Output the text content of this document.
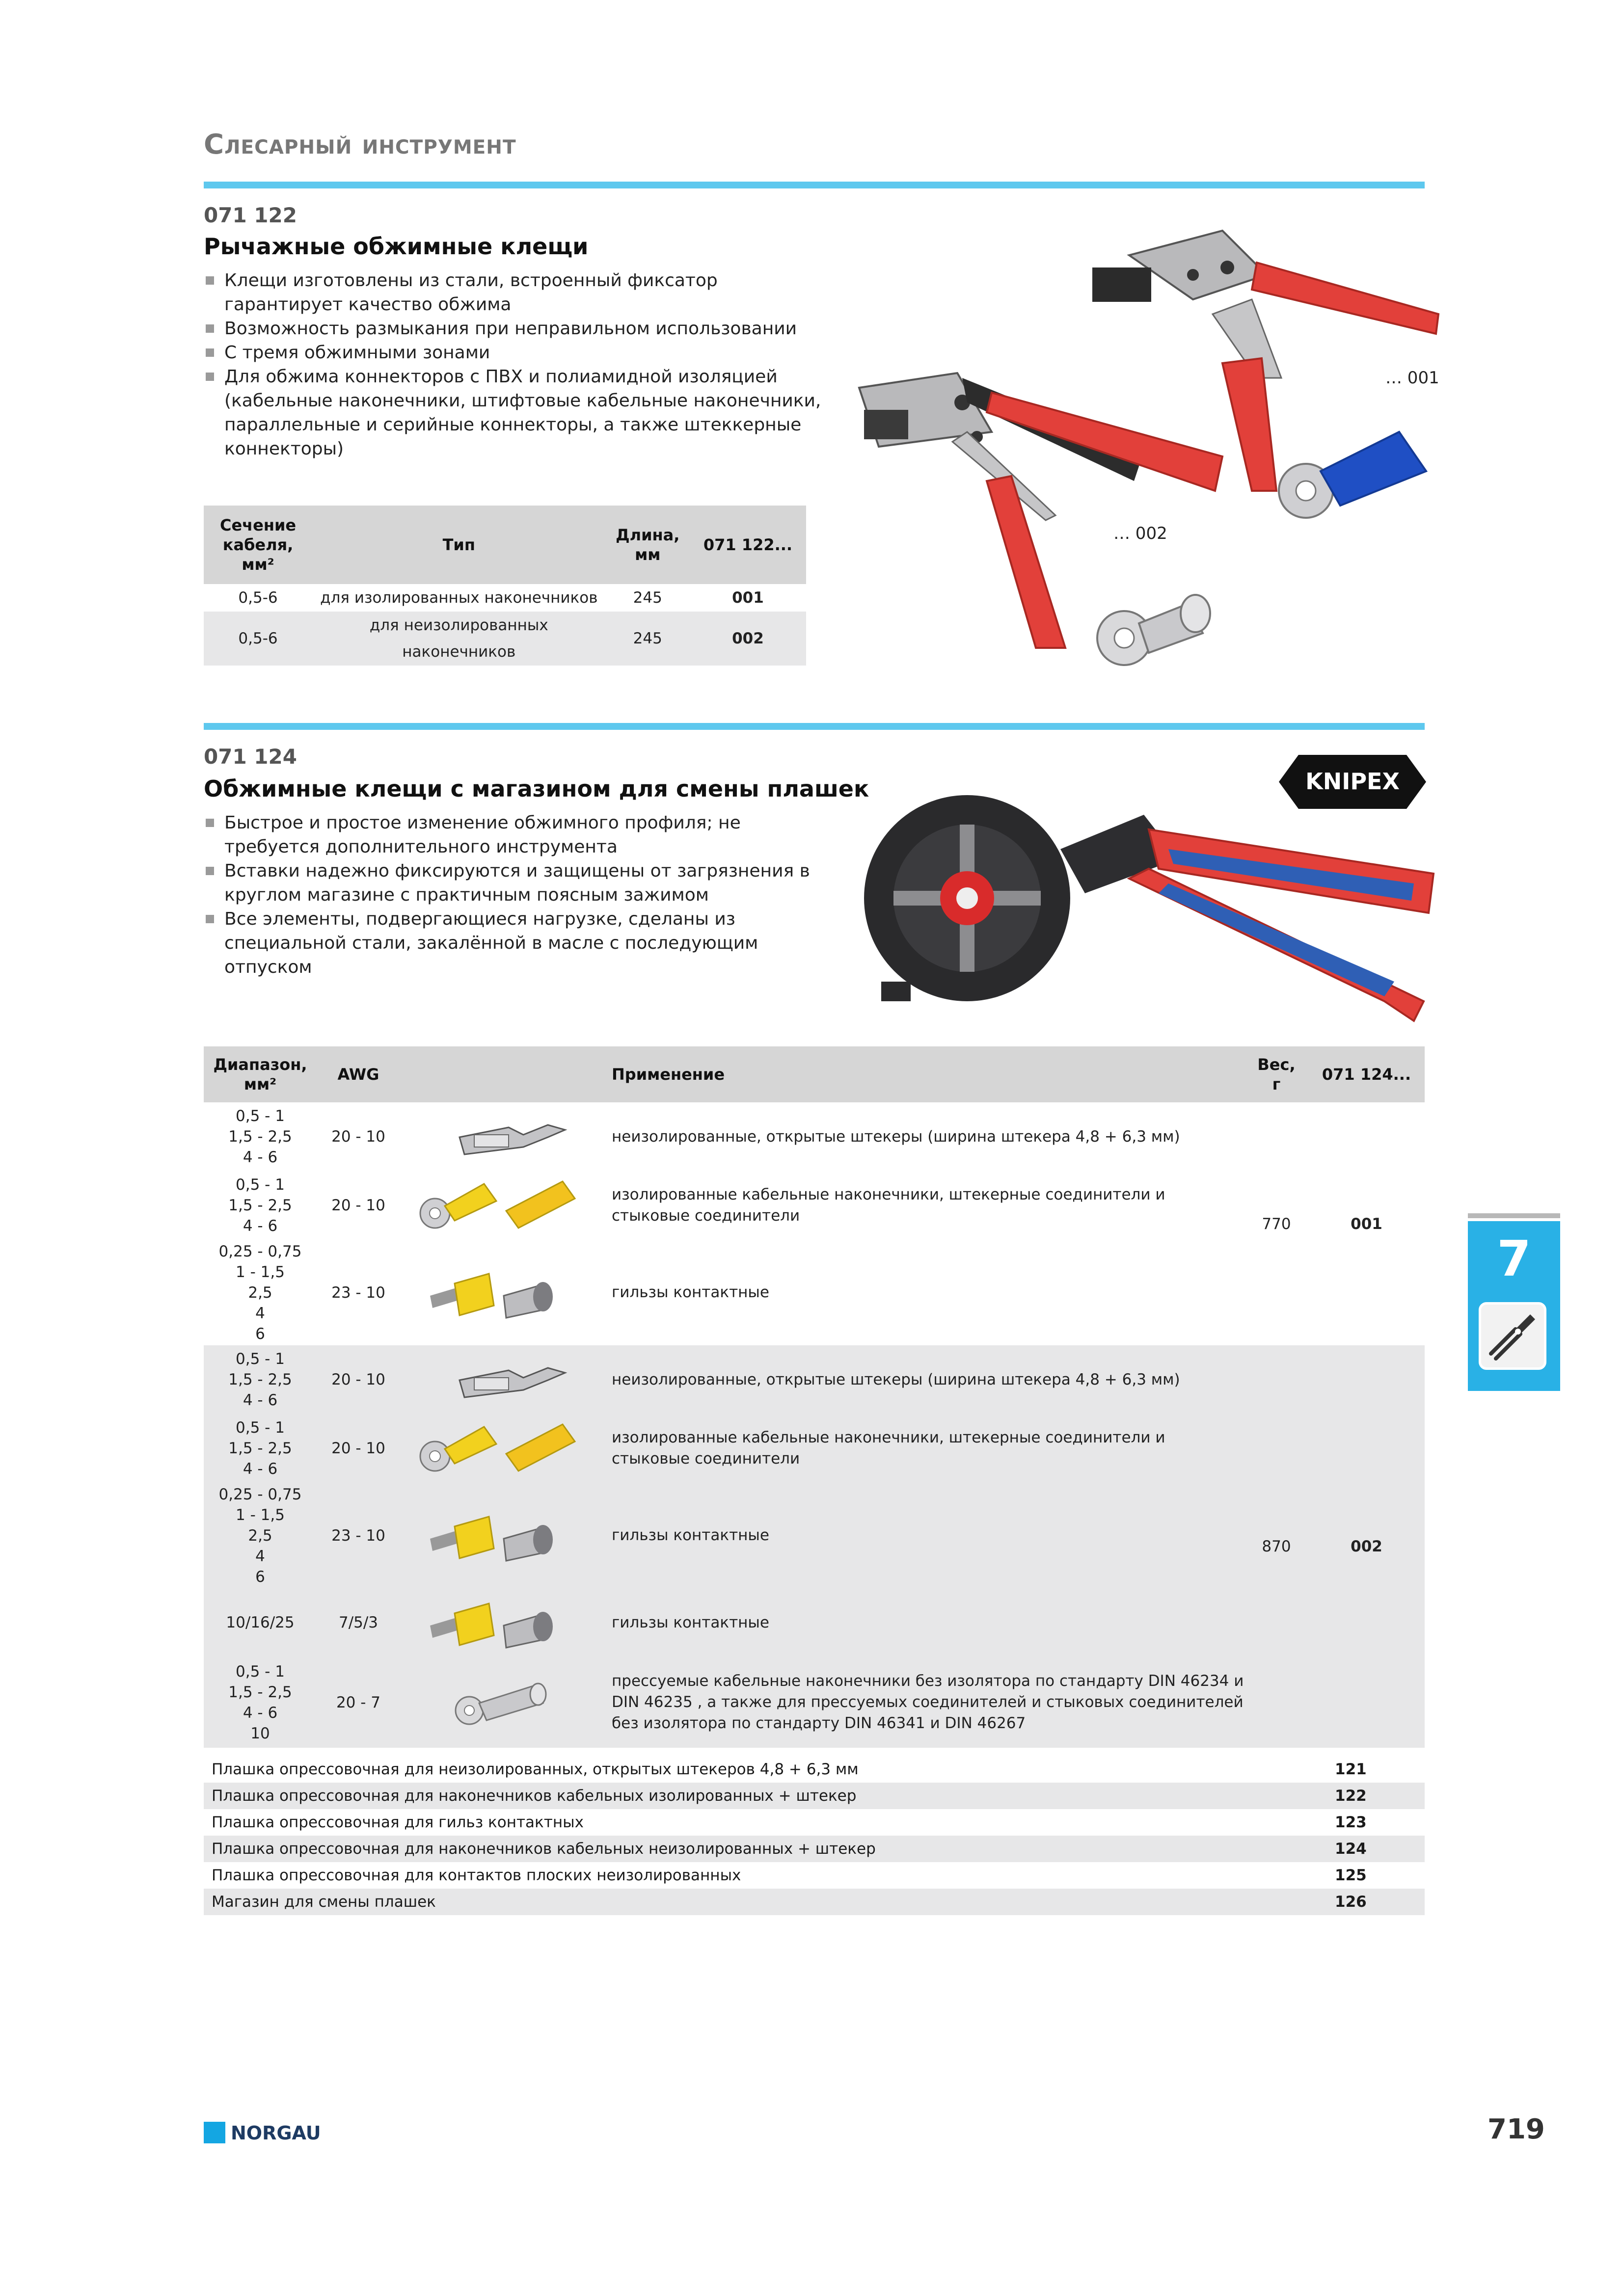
Слесарный инструмент
071 122
Рычажные обжимные клещи
Клещи изготовлены из стали, встроенный фиксатор гарантирует качество обжима
Возможность размыкания при неправильном использовании
С тремя обжимными зонами
Для обжима коннекторов с ПВХ и полиамидной изоляцией (кабельные наконечники, штифтовые кабельные наконечники, параллельные и серийные коннекторы, а также штеккерные коннекторы)
Сечение
кабеля,
мм²	Тип	Длина,
мм	071 122...
0,5-6	для изолированных наконечников	245	001
0,5-6	для неизолированных наконечников	245	002
… 001
… 002
071 124
Обжимные клещи с магазином для смены плашек	KNIPEX
Быстрое и простое изменение обжимного профиля; не требуется дополнительного инструмента
Вставки надежно фиксируются и защищены от загрязнения в круглом магазине с практичным поясным зажимом
Все элементы, подвергающиеся нагрузке, сделаны из специальной стали, закалённой в масле с последующим отпуском
Диапазон,
мм²	AWG		Применение	Вес,
г	071 124...

0,5 - 1
1,5 - 2,5
4 - 6	20 - 10		неизолированные, открытые штекеры (ширина штекера 4,8 + 6,3 мм)	770	001

0,5 - 1
1,5 - 2,5
4 - 6	20 - 10		изолированные кабельные наконечники, штекерные соединители и стыковые соединители		

0,25 - 0,75
1 - 1,5
2,5
4
6	23 - 10		гильзы контактные		

0,5 - 1
1,5 - 2,5
4 - 6	20 - 10		неизолированные, открытые штекеры (ширина штекера 4,8 + 6,3 мм)	870	002

0,5 - 1
1,5 - 2,5
4 - 6	20 - 10		изолированные кабельные наконечники, штекерные соединители и стыковые соединители		

0,25 - 0,75
1 - 1,5
2,5
4
6	23 - 10		гильзы контактные		

10/16/25	7/5/3		гильзы контактные		

0,5 - 1
1,5 - 2,5
4 - 6
10	20 - 7		прессуемые кабельные наконечники без изолятора по стандарту DIN 46234 и DIN 46235 , а также для прессуемых соединителей и стыковых соединителей без изолятора по стандарту DIN 46341 и DIN 46267		
Плашка опрессовочная для неизолированных, открытых штекеров 4,8 + 6,3 мм	121
Плашка опрессовочная для наконечников кабельных изолированных + штекер	122
Плашка опрессовочная для гильз контактных	123
Плашка опрессовочная для наконечников кабельных неизолированных + штекер	124
Плашка опрессовочная для контактов плоских неизолированных	125
Магазин для смены плашек	126
7
NORGAU	719
